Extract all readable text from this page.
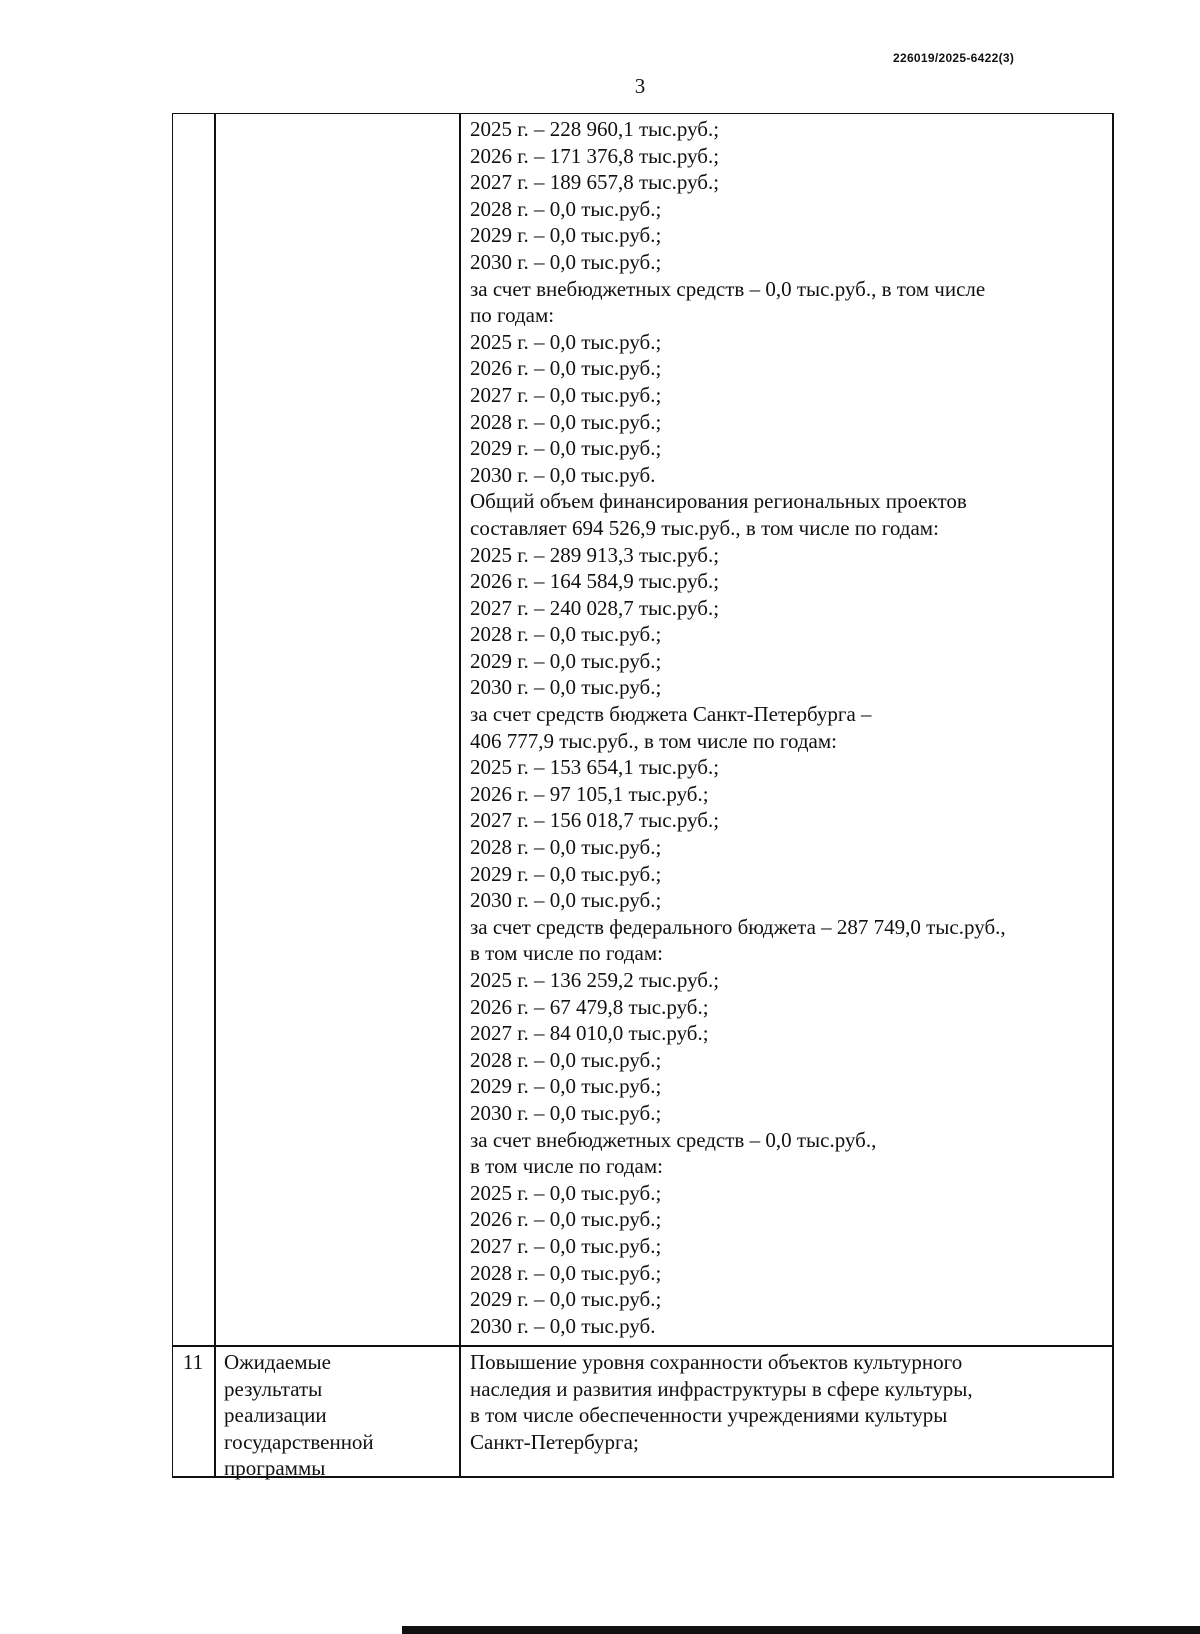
226019/2025-6422(3)
3
2025 г. – 228 960,1 тыс.руб.;
2026 г. – 171 376,8 тыс.руб.;
2027 г. – 189 657,8 тыс.руб.;
2028 г. – 0,0 тыс.руб.;
2029 г. – 0,0 тыс.руб.;
2030 г. – 0,0 тыс.руб.;
за счет внебюджетных средств – 0,0 тыс.руб., в том числе
по годам:
2025 г. – 0,0 тыс.руб.;
2026 г. – 0,0 тыс.руб.;
2027 г. – 0,0 тыс.руб.;
2028 г. – 0,0 тыс.руб.;
2029 г. – 0,0 тыс.руб.;
2030 г. – 0,0 тыс.руб.
Общий объем финансирования региональных проектов
составляет 694 526,9 тыс.руб., в том числе по годам:
2025 г. – 289 913,3 тыс.руб.;
2026 г. – 164 584,9 тыс.руб.;
2027 г. – 240 028,7 тыс.руб.;
2028 г. – 0,0 тыс.руб.;
2029 г. – 0,0 тыс.руб.;
2030 г. – 0,0 тыс.руб.;
за счет средств бюджета Санкт-Петербурга –
406 777,9 тыс.руб., в том числе по годам:
2025 г. – 153 654,1 тыс.руб.;
2026 г. – 97 105,1 тыс.руб.;
2027 г. – 156 018,7 тыс.руб.;
2028 г. – 0,0 тыс.руб.;
2029 г. – 0,0 тыс.руб.;
2030 г. – 0,0 тыс.руб.;
за счет средств федерального бюджета – 287 749,0 тыс.руб.,
в том числе по годам:
2025 г. – 136 259,2 тыс.руб.;
2026 г. – 67 479,8 тыс.руб.;
2027 г. – 84 010,0 тыс.руб.;
2028 г. – 0,0 тыс.руб.;
2029 г. – 0,0 тыс.руб.;
2030 г. – 0,0 тыс.руб.;
за счет внебюджетных средств – 0,0 тыс.руб.,
в том числе по годам:
2025 г. – 0,0 тыс.руб.;
2026 г. – 0,0 тыс.руб.;
2027 г. – 0,0 тыс.руб.;
2028 г. – 0,0 тыс.руб.;
2029 г. – 0,0 тыс.руб.;
2030 г. – 0,0 тыс.руб.
11 Ожидаемые
результаты
реализации
государственной
программы
Повышение уровня сохранности объектов культурного
наследия и развития инфраструктуры в сфере культуры,
в том числе обеспеченности учреждениями культуры
Санкт-Петербурга;
